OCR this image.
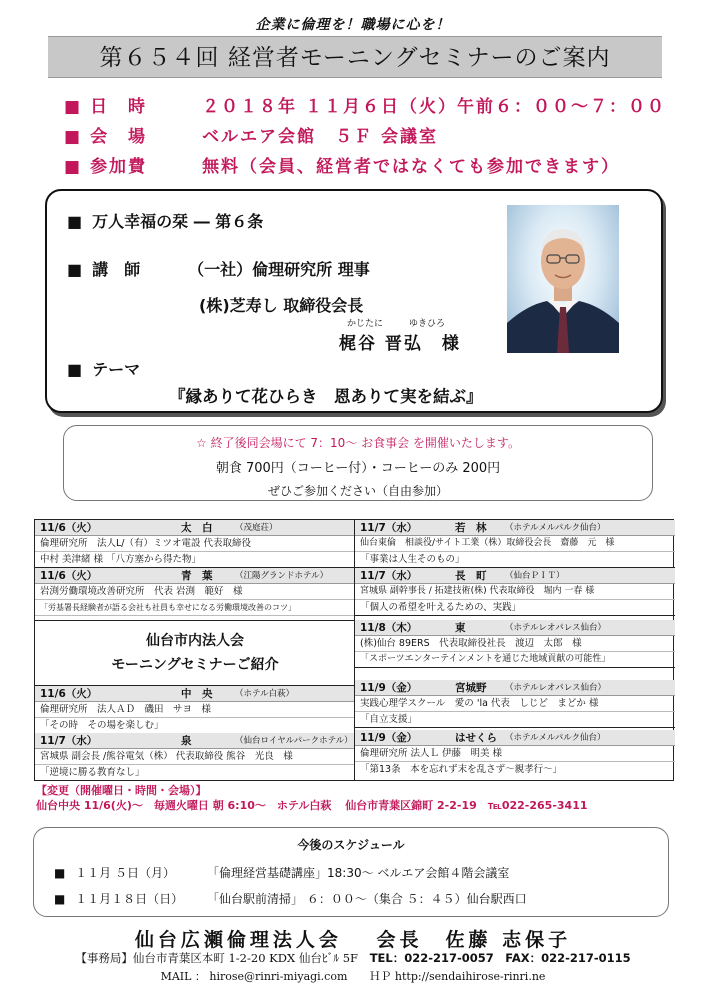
企業に倫理を！職場に心を！
第６５４回 経営者モーニングセミナーのご案内
■ 日　時	２０１８年 １１月６日（火）午前６：００～７：００
■ 会　場	ベルエア会館　５Ｆ 会議室
■ 参加費	無料（会員、経営者ではなくても参加できます）
■ 万人幸福の栞 ― 第６条
■ 講　師	（一社）倫理研究所 理事
(株)芝寿し 取締役会長
かじたに	ゆきひろ
梶谷 晋弘　様
■ テーマ
『縁ありて花ひらき　恩ありて実を結ぶ』
☆ 終了後同会場にて 7：10～ お食事会 を開催いたします。
朝食 700円（コーヒー付）・コーヒーのみ 200円
ぜひご参加ください（自由参加）
11/6（火）	太　白	（茂庭荘）
倫理研究所　法人L/（有）ミツオ電設 代表取締役
中村 美津緒 様 「八方塞から得た物」
11/6（火）	青　葉	（江陽グランドホテル）
岩渕労働環境改善研究所　代表 岩渕　範好　様
「労基署長経験者が語る会社も社員も幸せになる労働環境改善のコツ」
仙台市内法人会
モーニングセミナーご紹介
11/6（火）	中　央	（ホテル白萩）
倫理研究所　法人ＡＤ　磯田　サヨ　様
「その時　その場を楽しむ」
11/7（水）	泉	（仙台ロイヤルパークホテル）
宮城県 副会長 /熊谷電気（株） 代表取締役 熊谷　光良　様
「逆境に勝る教育なし」
11/7（水）	若　林 （ホテルメルパルク仙台）
仙台東倫　相談役/サイト工業（株）取締役会長　齋藤　元　様
「事業は人生そのもの」
11/7（水）	長　町 （仙台ＰＩＴ）
宮城県 副幹事長 / 拓建技術(株) 代表取締役　堀内 一春 様
「個人の希望を叶えるための、実践」
11/8（木）	東	（ホテルレオパレス仙台）
(株)仙台 89ERS　代表取締役社長　渡辺　太郎　様
「スポーツエンターテインメントを通じた地域貢献の可能性」
11/9（金）	宮城野 （ホテルレオパレス仙台）
実践心理学スクール　愛の 'la 代表　しじど　まどか 様
「自立支援」
11/9（金）	はせくら （ホテルメルパルク仙台）
倫理研究所 法人Ｌ 伊藤　明美 様
「第13条　本を忘れず末を乱さず～親孝行～」
【変更（開催曜日・時間・会場）】
仙台中央 11/6(火)～　毎週火曜日 朝 6:10～　ホテル白萩 仙台市青葉区錦町 2-2-19　℡022-265-3411
今後のスケジュール
■ １１月 ５日（月）	「倫理経営基礎講座」18:30～ ベルエア会館４階会議室
■ １１月１８日（日） 「仙台駅前清掃」 ６：００～（集合 ５：４５）仙台駅西口
仙台広瀬倫理法人会 会長　佐藤 志保子
【事務局】仙台市青葉区本町 1-2-20 KDX 仙台ﾋﾞﾙ 5F TEL：022-217-0057　FAX：022-217-0115
MAIL ： hirose@rinri-miyagi.com　　ＨＰ http://sendaihirose-rinri.ne
